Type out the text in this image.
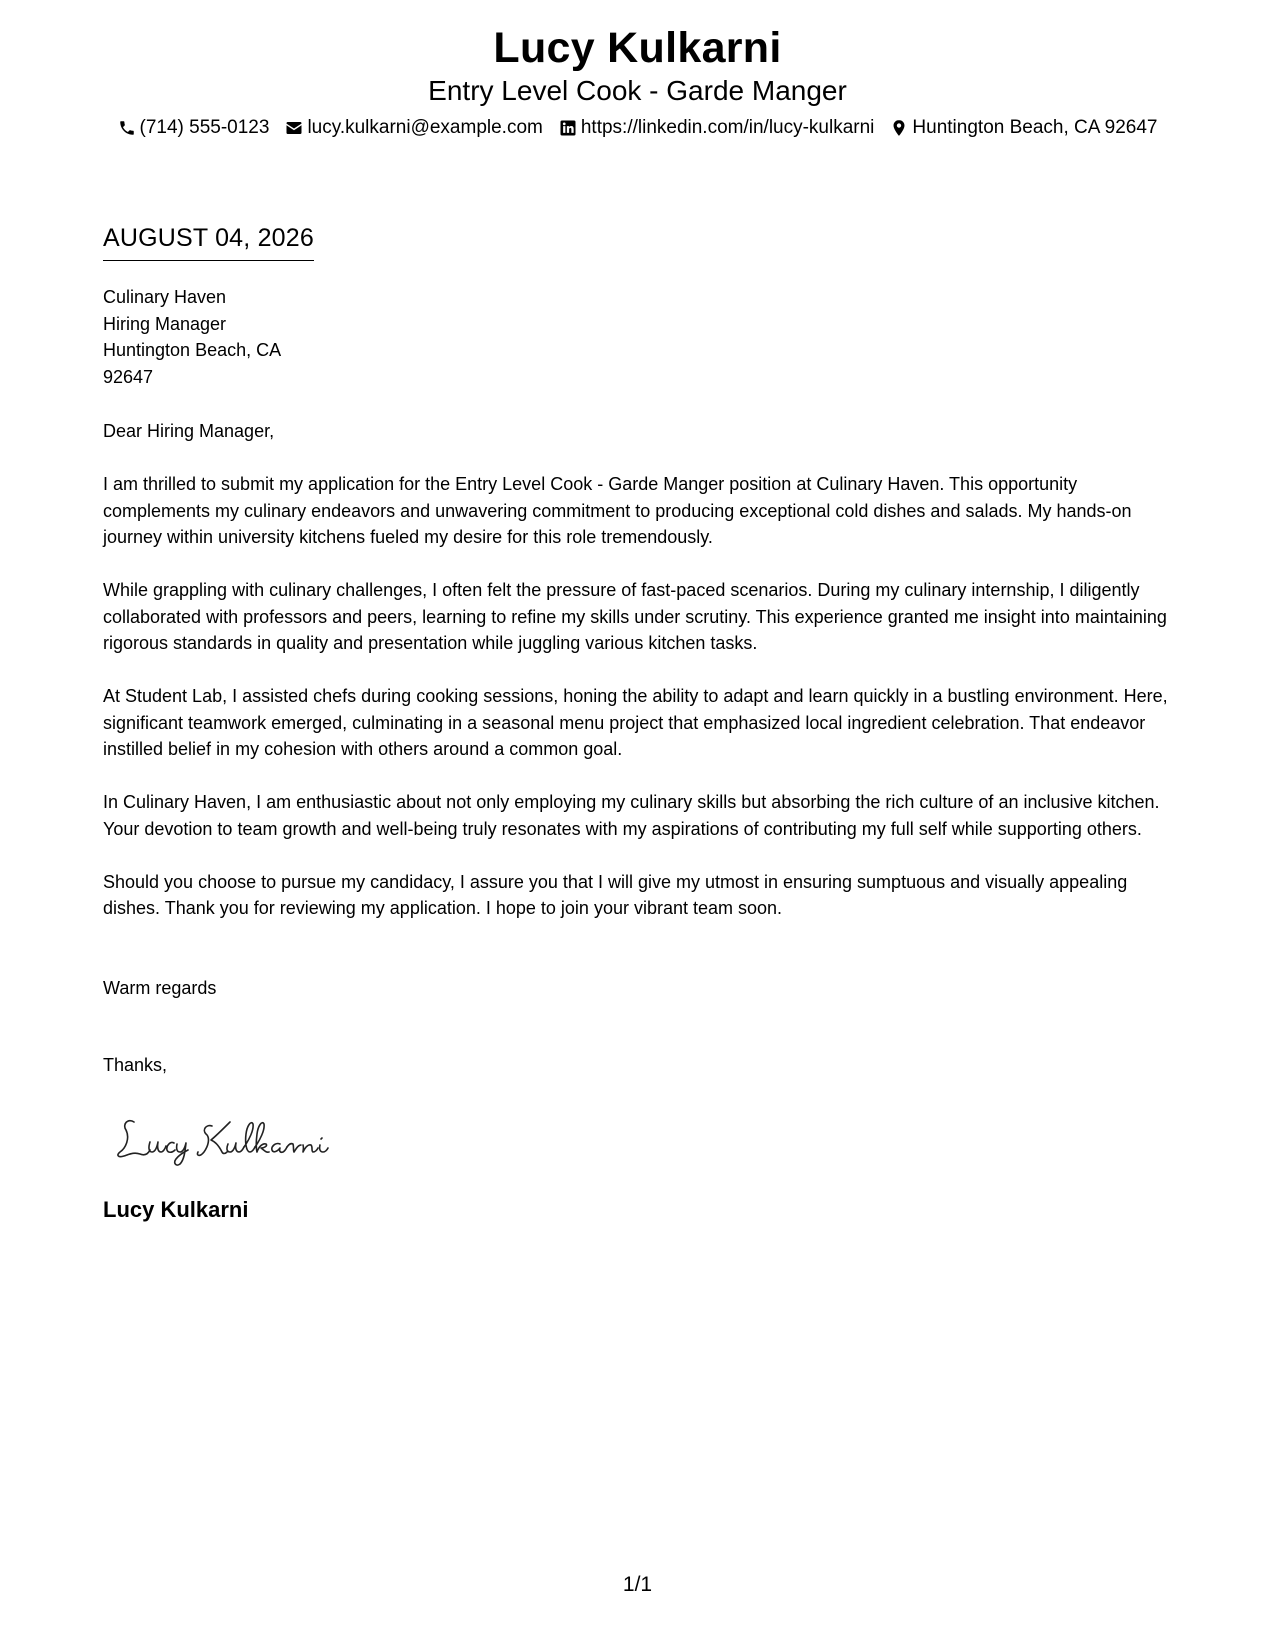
Lucy Kulkarni
Entry Level Cook - Garde Manger
(714) 555-0123 lucy.kulkarni@example.com https://linkedin.com/in/lucy-kulkarni Huntington Beach, CA 92647
AUGUST 04, 2026
Culinary Haven
Hiring Manager
Huntington Beach, CA
92647
Dear Hiring Manager,

I am thrilled to submit my application for the Entry Level Cook - Garde Manger position at Culinary Haven. This opportunity complements my culinary endeavors and unwavering commitment to producing exceptional cold dishes and salads. My hands-on journey within university kitchens fueled my desire for this role tremendously.

While grappling with culinary challenges, I often felt the pressure of fast-paced scenarios. During my culinary internship, I diligently collaborated with professors and peers, learning to refine my skills under scrutiny. This experience granted me insight into maintaining rigorous standards in quality and presentation while juggling various kitchen tasks.

At Student Lab, I assisted chefs during cooking sessions, honing the ability to adapt and learn quickly in a bustling environment. Here, significant teamwork emerged, culminating in a seasonal menu project that emphasized local ingredient celebration. That endeavor instilled belief in my cohesion with others around a common goal.

In Culinary Haven, I am enthusiastic about not only employing my culinary skills but absorbing the rich culture of an inclusive kitchen. Your devotion to team growth and well-being truly resonates with my aspirations of contributing my full self while supporting others.

Should you choose to pursue my candidacy, I assure you that I will give my utmost in ensuring sumptuous and visually appealing dishes. Thank you for reviewing my application. I hope to join your vibrant team soon.

Warm regards
Thanks,
Lucy Kulkarni
1/1
